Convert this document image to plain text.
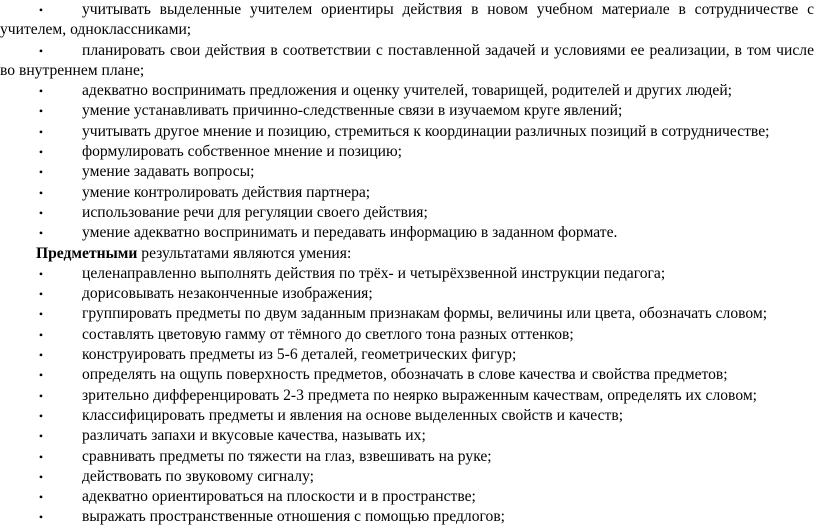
• учитывать выделенные учителем ориентиры действия в новом учебном материале в сотрудничестве с учителем, одноклассниками;
• планировать свои действия в соответствии с поставленной задачей и условиями ее реализации, в том числе во внутреннем плане;
• адекватно воспринимать предложения и оценку учителей, товарищей, родителей и других людей;
• умение устанавливать причинно-следственные связи в изучаемом круге явлений;
• учитывать другое мнение и позицию, стремиться к координации различных позиций в сотрудничестве;
• формулировать собственное мнение и позицию;
• умение задавать вопросы;
• умение контролировать действия партнера;
• использование речи для регуляции своего действия;
• умение адекватно воспринимать и передавать информацию в заданном формате.
Предметными результатами являются умения:
• целенаправленно выполнять действия по трёх- и четырёхзвенной инструкции педагога;
• дорисовывать незаконченные изображения;
• группировать предметы по двум заданным признакам формы, величины или цвета, обозначать словом;
• составлять цветовую гамму от тёмного до светлого тона разных оттенков;
• конструировать предметы из 5-6 деталей, геометрических фигур;
• определять на ощупь поверхность предметов, обозначать в слове качества и свойства предметов;
• зрительно дифференцировать 2-3 предмета по неярко выраженным качествам, определять их словом;
• классифицировать предметы и явления на основе выделенных свойств и качеств;
• различать запахи и вкусовые качества, называть их;
• сравнивать предметы по тяжести на глаз, взвешивать на руке;
• действовать по звуковому сигналу;
• адекватно ориентироваться на плоскости и в пространстве;
• выражать пространственные отношения с помощью предлогов;
